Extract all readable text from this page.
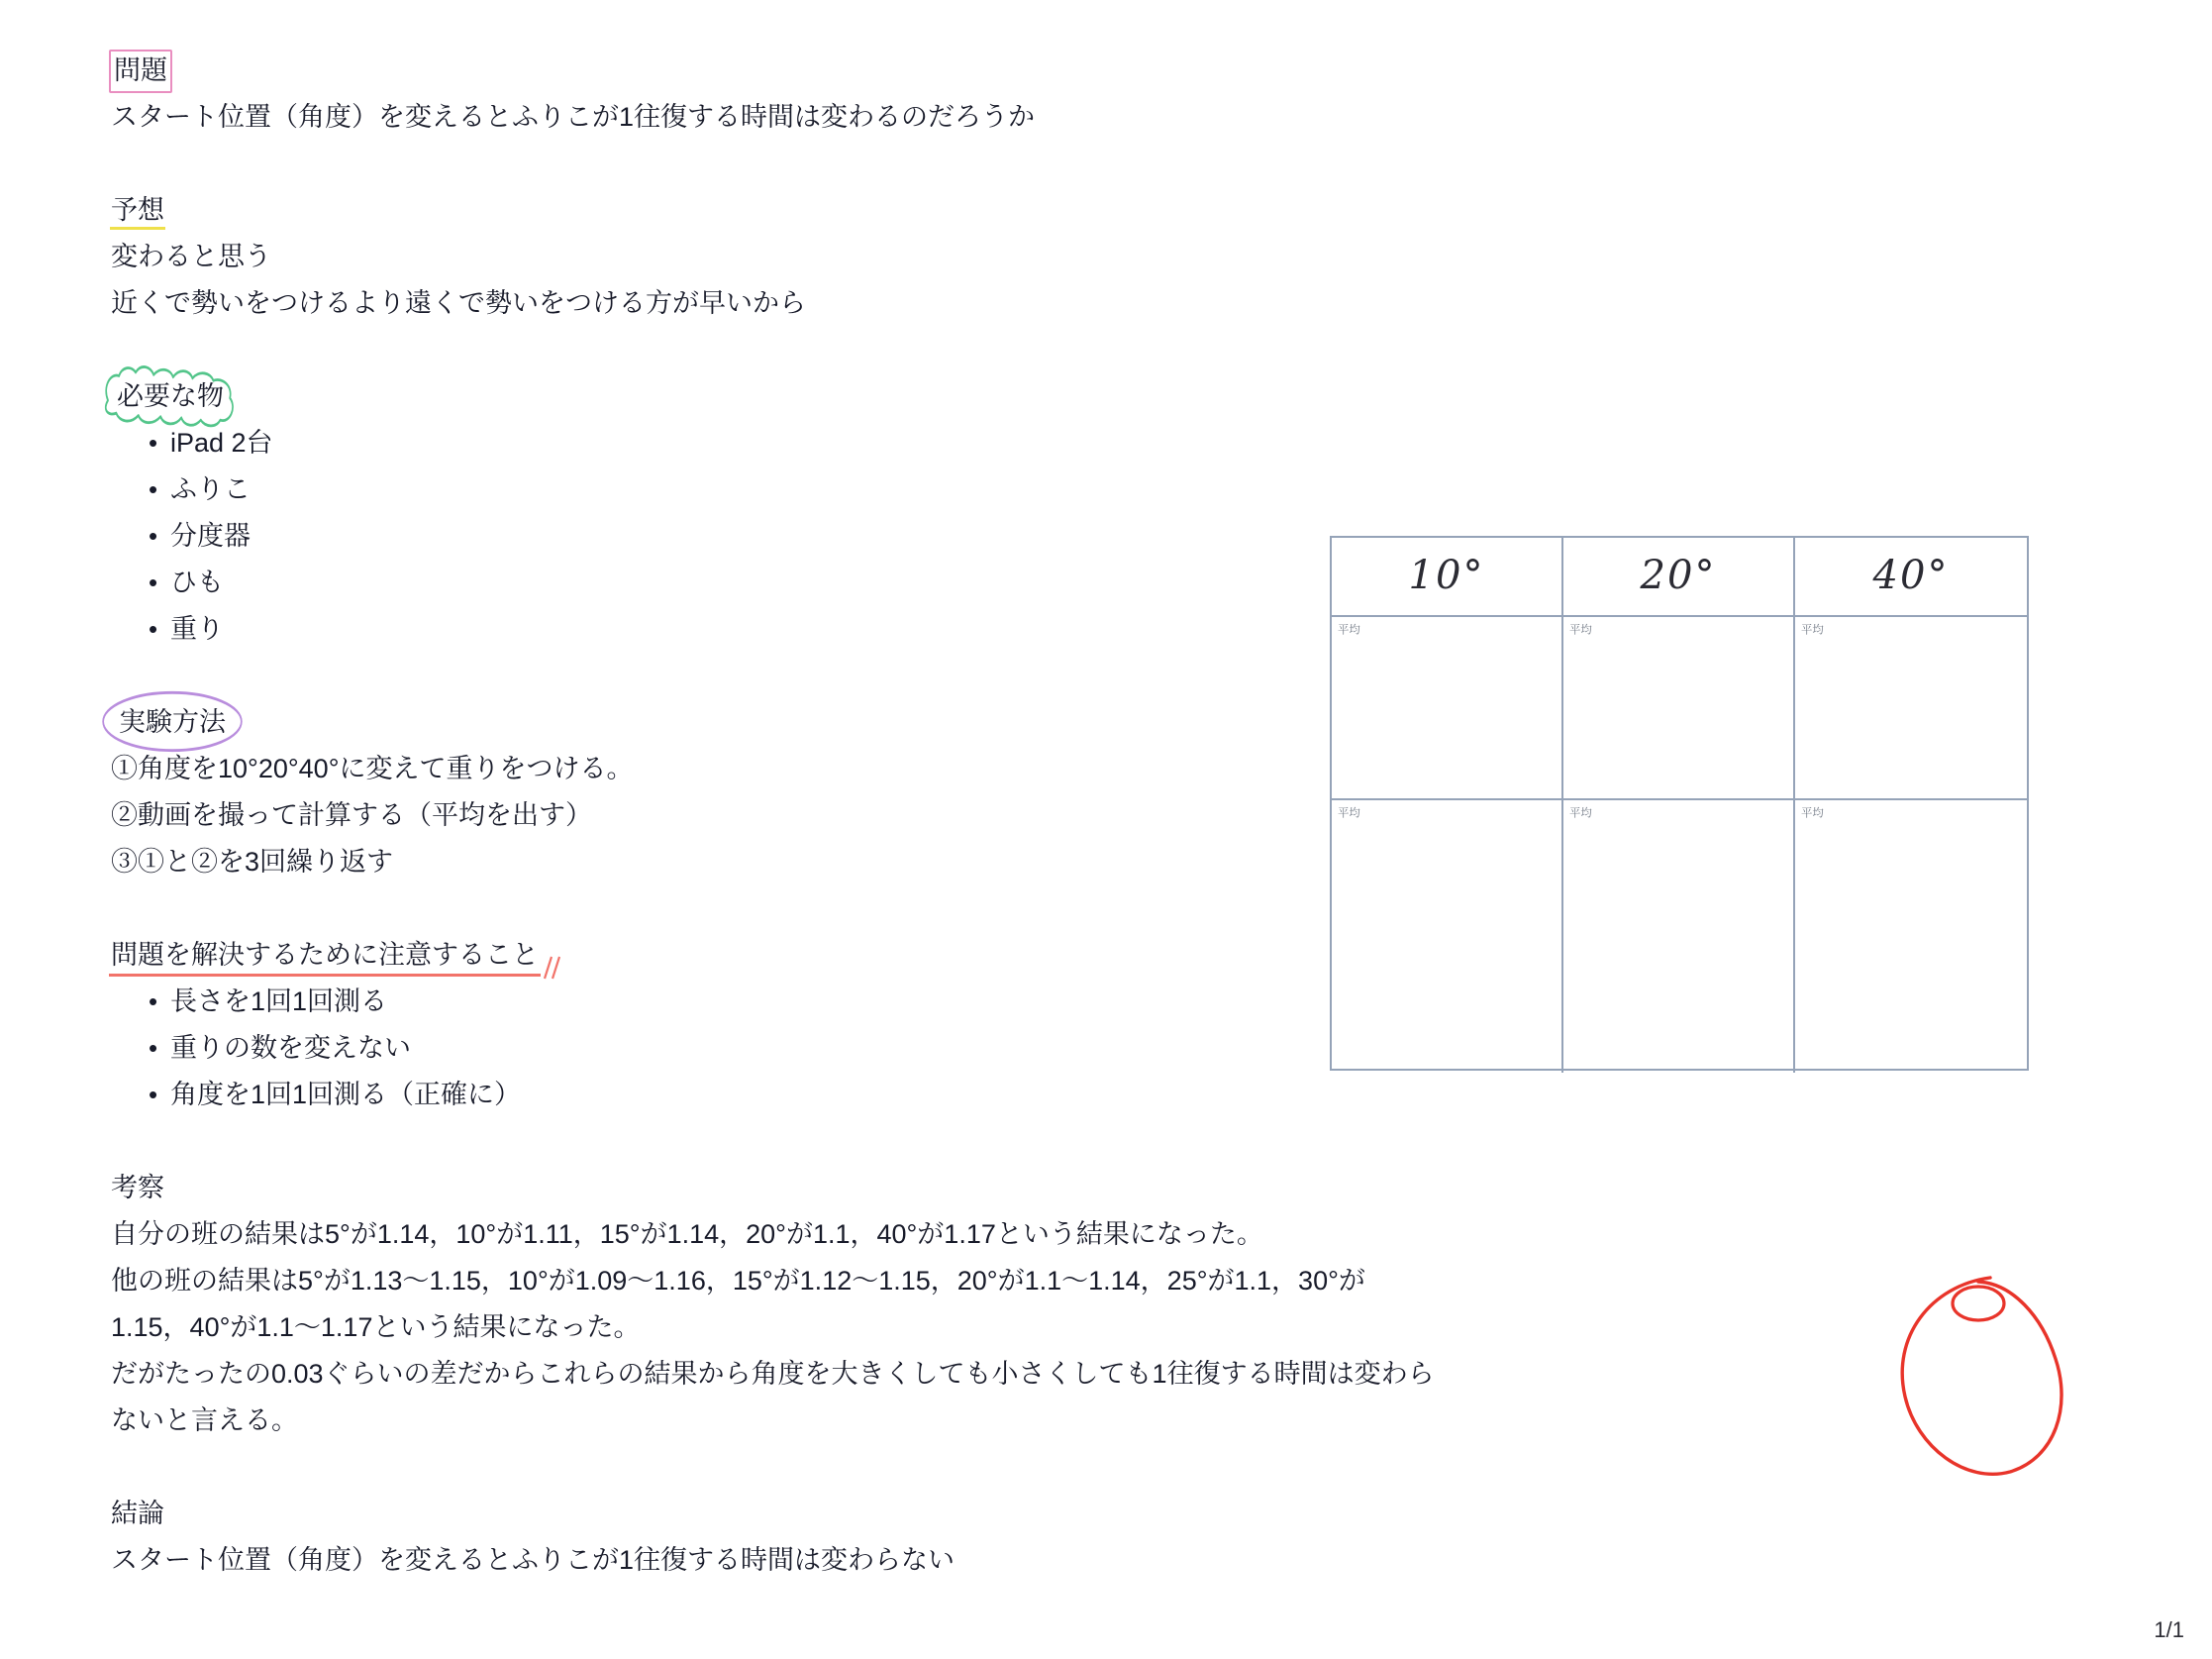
問題
スタート位置（角度）を変えるとふりこが1往復する時間は変わるのだろうか
予想
変わると思う
近くで勢いをつけるより遠くで勢いをつける方が早いから
必要な物
• iPad 2台
• ふりこ
• 分度器
• ひも
• 重り
実験方法
①角度を10°20°40°に変えて重りをつける。
②動画を撮って計算する（平均を出す）
③①と②を3回繰り返す
問題を解決するために注意すること
• 長さを1回1回測る
• 重りの数を変えない
• 角度を1回1回測る（正確に）
考察
自分の班の結果は5°が1.14，10°が1.11，15°が1.14，20°が1.1，40°が1.17という結果になった。
他の班の結果は5°が1.13〜1.15，10°が1.09〜1.16，15°が1.12〜1.15，20°が1.1〜1.14，25°が1.1，30°が1.15，40°が1.1〜1.17という結果になった。
だがたったの0.03ぐらいの差だからこれらの結果から角度を大きくしても小さくしても1往復する時間は変わらないと言える。
結論
スタート位置（角度）を変えるとふりこが1往復する時間は変わらない
10°	20°	40°
平均	平均	平均
平均	平均	平均
1/1
